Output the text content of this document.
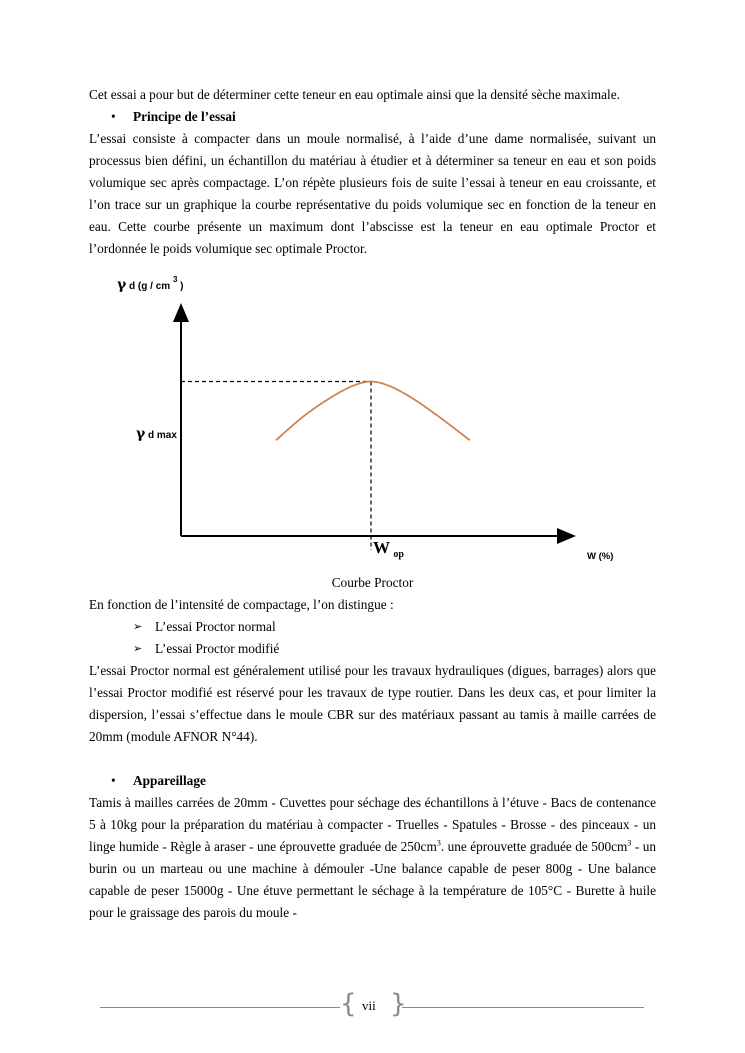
Cet essai a pour but de déterminer cette teneur en eau optimale ainsi que la densité sèche maximale.

•	Principe de l’essai

L’essai consiste à compacter dans un moule normalisé, à l’aide d’une dame normalisée, suivant un processus bien défini, un échantillon du matériau à étudier et à déterminer sa teneur en eau et son poids volumique sec après compactage. L’on répète plusieurs fois de suite l’essai à teneur en eau croissante, et l’on trace sur un graphique la courbe représentative du poids volumique sec en fonction de la teneur en eau. Cette courbe présente un maximum dont l’abscisse est la teneur en eau optimale Proctor et l’ordonnée le poids volumique sec optimale Proctor.

γ d (g / cm $^3$ )
γ d max
W $_{op}$	W (%)
Courbe Proctor

En fonction de l’intensité de compactage, l’on distingue :

➢ L’essai Proctor normal
➢ L’essai Proctor modifié

L’essai Proctor normal est généralement utilisé pour les travaux hydrauliques (digues, barrages) alors que l’essai Proctor modifié est réservé pour les travaux de type routier. Dans les deux cas, et pour limiter la dispersion, l’essai s’effectue dans le moule CBR sur des matériaux passant au tamis à maille carrées de 20mm (module AFNOR N°44).

•	Appareillage

Tamis à mailles carrées de 20mm - Cuvettes pour séchage des échantillons à l’étuve - Bacs de contenance 5 à 10kg pour la préparation du matériau à compacter - Truelles - Spatules - Brosse - des pinceaux - un linge humide - Règle à araser - une éprouvette graduée de $250cm^3$. une éprouvette graduée de $500cm^3$ - un burin ou un marteau ou une machine à démouler -Une balance capable de peser 800g - Une balance capable de peser 15000g - Une étuve permettant le séchage à la température de 105°C - Burette à huile pour le graissage des parois du moule -

{ vii }
